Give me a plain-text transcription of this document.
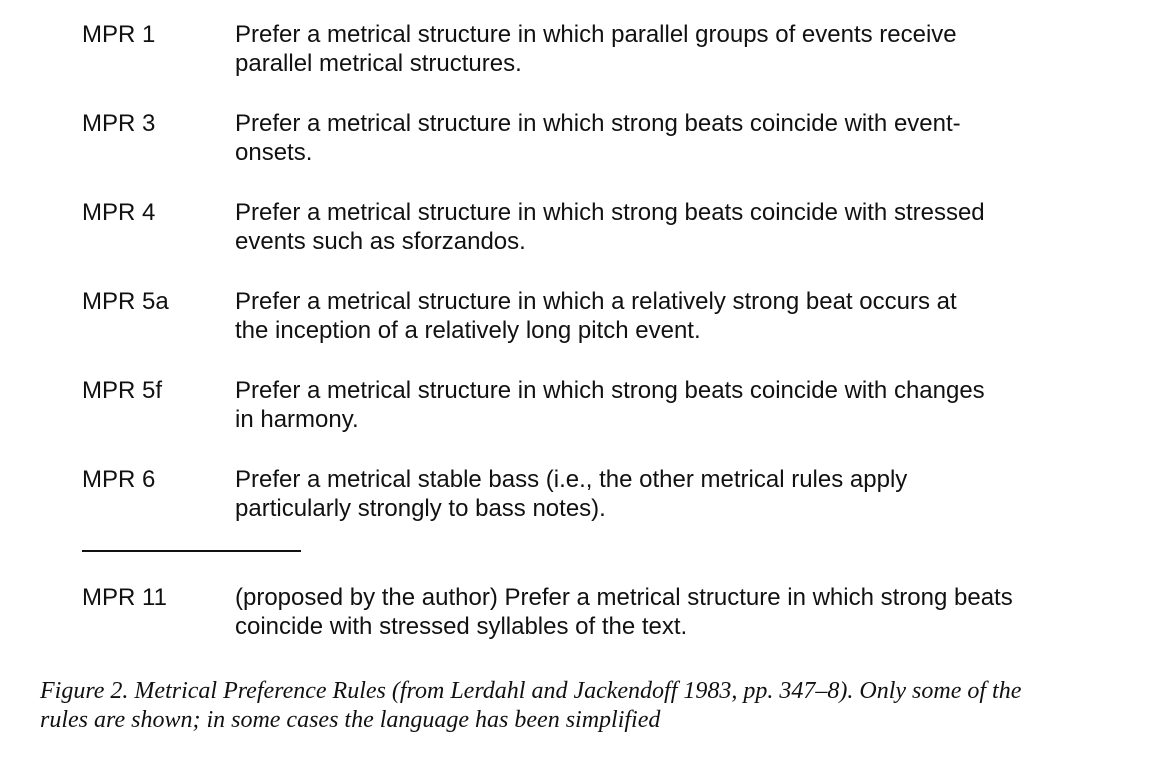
MPR 1	Prefer a metrical structure in which parallel groups of events receive
parallel metrical structures.
MPR 3	Prefer a metrical structure in which strong beats coincide with event-
onsets.
MPR 4	Prefer a metrical structure in which strong beats coincide with stressed
events such as sforzandos.
MPR 5a	Prefer a metrical structure in which a relatively strong beat occurs at
the inception of a relatively long pitch event.
MPR 5f	Prefer a metrical structure in which strong beats coincide with changes
in harmony.
MPR 6	Prefer a metrical stable bass (i.e., the other metrical rules apply
particularly strongly to bass notes).
MPR 11	(proposed by the author) Prefer a metrical structure in which strong beats
coincide with stressed syllables of the text.
Figure 2. Metrical Preference Rules (from Lerdahl and Jackendoff 1983, pp. 347–8). Only some of the
rules are shown; in some cases the language has been simplified
